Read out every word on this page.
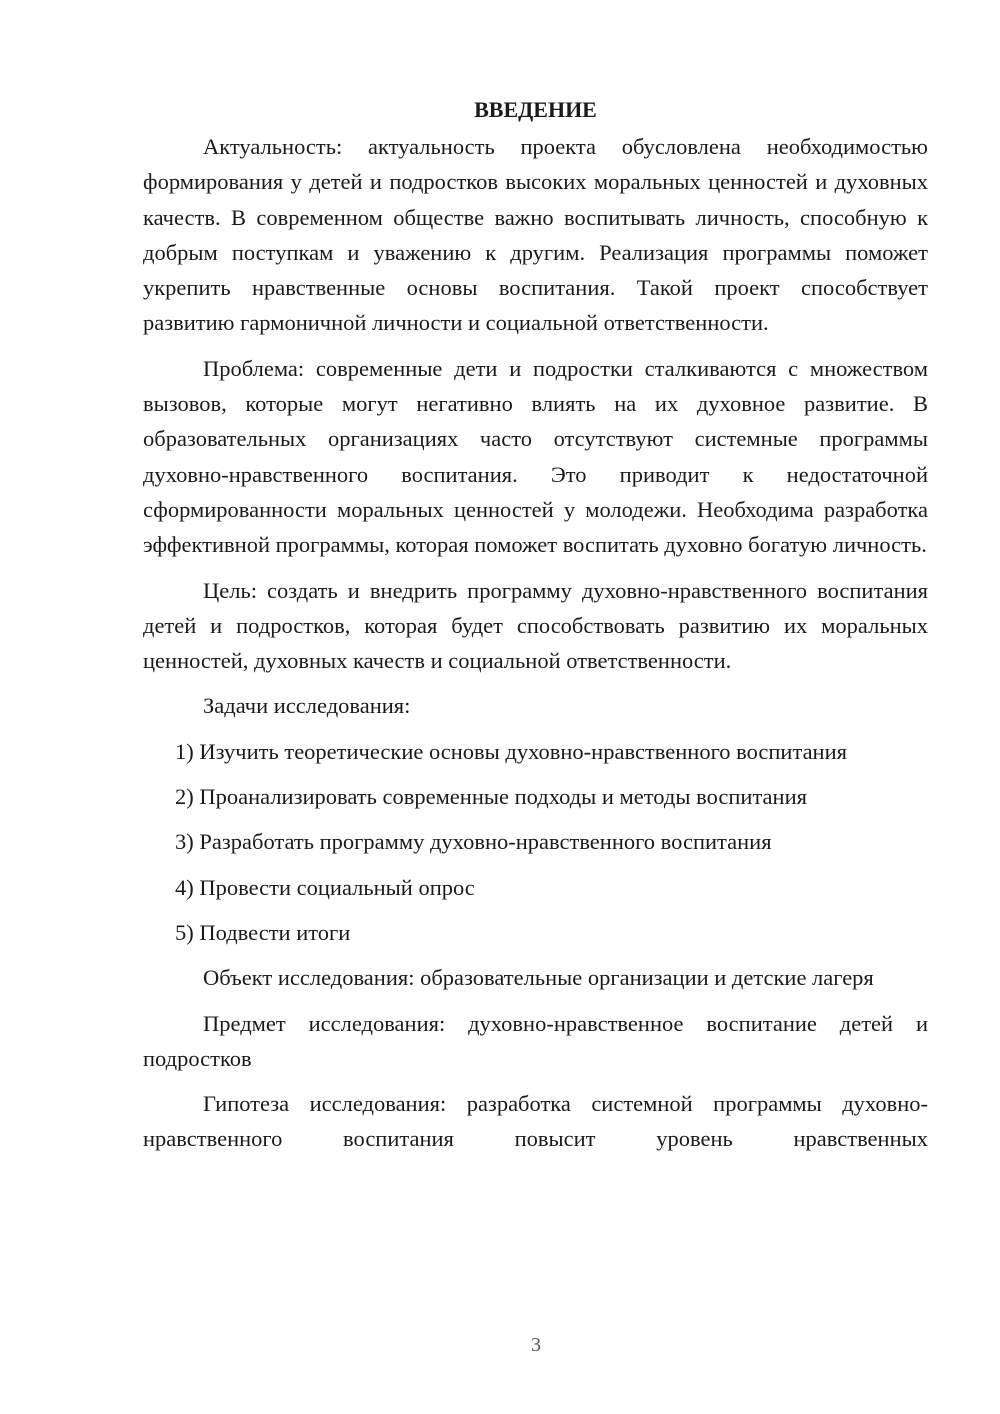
ВВЕДЕНИЕ

Актуальность: актуальность проекта обусловлена необходимостью формирования у детей и подростков высоких моральных ценностей и духовных качеств. В современном обществе важно воспитывать личность, способную к добрым поступкам и уважению к другим. Реализация программы поможет укрепить нравственные основы воспитания. Такой проект способствует развитию гармоничной личности и социальной ответственности.

Проблема: современные дети и подростки сталкиваются с множеством вызовов, которые могут негативно влиять на их духовное развитие. В образовательных организациях часто отсутствуют системные программы духовно-нравственного воспитания. Это приводит к недостаточной сформированности моральных ценностей у молодежи. Необходима разработка эффективной программы, которая поможет воспитать духовно богатую личность.

Цель: создать и внедрить программу духовно-нравственного воспитания детей и подростков, которая будет способствовать развитию их моральных ценностей, духовных качеств и социальной ответственности.

Задачи исследования:
1) Изучить теоретические основы духовно-нравственного воспитания
2) Проанализировать современные подходы и методы воспитания
3) Разработать программу духовно-нравственного воспитания
4) Провести социальный опрос
5) Подвести итоги

Объект исследования: образовательные организации и детские лагеря

Предмет исследования: духовно-нравственное воспитание детей и подростков

Гипотеза исследования: разработка системной программы духовно-нравственного воспитания повысит уровень нравственных

3
